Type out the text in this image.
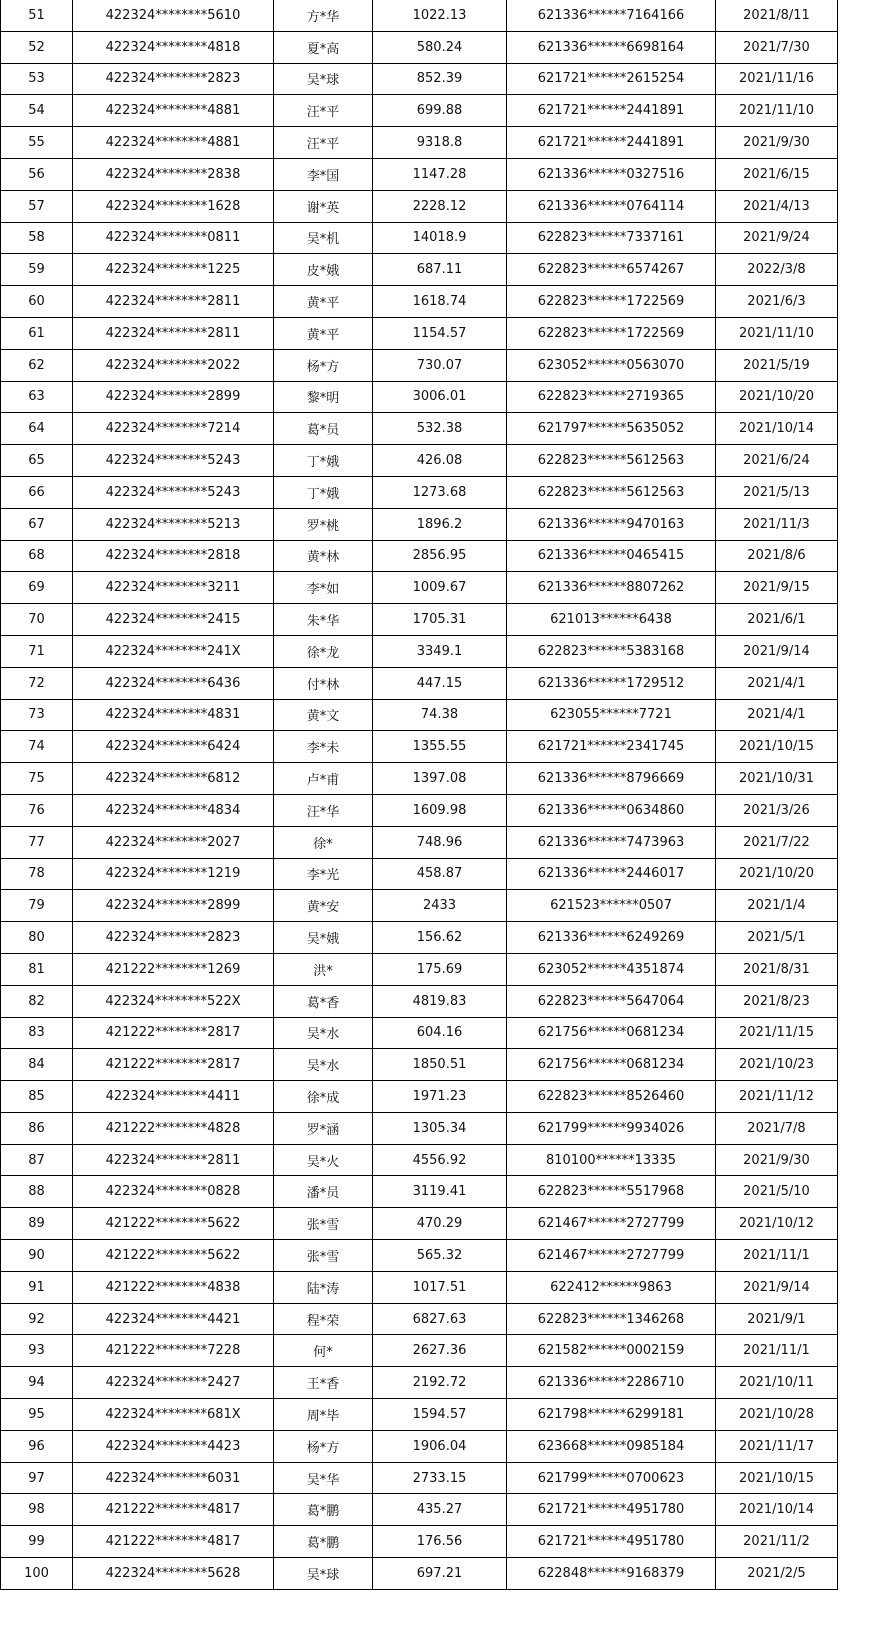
51	422324********5610	方*华	1022.13	621336******7164166	2021/8/11
52	422324********4818	夏*高	580.24	621336******6698164	2021/7/30
53	422324********2823	吴*球	852.39	621721******2615254	2021/11/16
54	422324********4881	汪*平	699.88	621721******2441891	2021/11/10
55	422324********4881	汪*平	9318.8	621721******2441891	2021/9/30
56	422324********2838	李*国	1147.28	621336******0327516	2021/6/15
57	422324********1628	谢*英	2228.12	621336******0764114	2021/4/13
58	422324********0811	吴*机	14018.9	622823******7337161	2021/9/24
59	422324********1225	皮*娥	687.11	622823******6574267	2022/3/8
60	422324********2811	黄*平	1618.74	622823******1722569	2021/6/3
61	422324********2811	黄*平	1154.57	622823******1722569	2021/11/10
62	422324********2022	杨*方	730.07	623052******0563070	2021/5/19
63	422324********2899	黎*明	3006.01	622823******2719365	2021/10/20
64	422324********7214	葛*员	532.38	621797******5635052	2021/10/14
65	422324********5243	丁*娥	426.08	622823******5612563	2021/6/24
66	422324********5243	丁*娥	1273.68	622823******5612563	2021/5/13
67	422324********5213	罗*桃	1896.2	621336******9470163	2021/11/3
68	422324********2818	黄*林	2856.95	621336******0465415	2021/8/6
69	422324********3211	李*如	1009.67	621336******8807262	2021/9/15
70	422324********2415	朱*华	1705.31	621013******6438	2021/6/1
71	422324********241X	徐*龙	3349.1	622823******5383168	2021/9/14
72	422324********6436	付*林	447.15	621336******1729512	2021/4/1
73	422324********4831	黄*文	74.38	623055******7721	2021/4/1
74	422324********6424	李*未	1355.55	621721******2341745	2021/10/15
75	422324********6812	卢*甫	1397.08	621336******8796669	2021/10/31
76	422324********4834	汪*华	1609.98	621336******0634860	2021/3/26
77	422324********2027	徐*	748.96	621336******7473963	2021/7/22
78	422324********1219	李*光	458.87	621336******2446017	2021/10/20
79	422324********2899	黄*安	2433	621523******0507	2021/1/4
80	422324********2823	吴*娥	156.62	621336******6249269	2021/5/1
81	421222********1269	洪*	175.69	623052******4351874	2021/8/31
82	422324********522X	葛*香	4819.83	622823******5647064	2021/8/23
83	421222********2817	吴*水	604.16	621756******0681234	2021/11/15
84	421222********2817	吴*水	1850.51	621756******0681234	2021/10/23
85	422324********4411	徐*成	1971.23	622823******8526460	2021/11/12
86	421222********4828	罗*涵	1305.34	621799******9934026	2021/7/8
87	422324********2811	吴*火	4556.92	810100******13335	2021/9/30
88	422324********0828	潘*员	3119.41	622823******5517968	2021/5/10
89	421222********5622	张*雪	470.29	621467******2727799	2021/10/12
90	421222********5622	张*雪	565.32	621467******2727799	2021/11/1
91	421222********4838	陆*涛	1017.51	622412******9863	2021/9/14
92	422324********4421	程*荣	6827.63	622823******1346268	2021/9/1
93	421222********7228	何*	2627.36	621582******0002159	2021/11/1
94	422324********2427	王*香	2192.72	621336******2286710	2021/10/11
95	422324********681X	周*毕	1594.57	621798******6299181	2021/10/28
96	422324********4423	杨*方	1906.04	623668******0985184	2021/11/17
97	422324********6031	吴*华	2733.15	621799******0700623	2021/10/15
98	421222********4817	葛*鹏	435.27	621721******4951780	2021/10/14
99	421222********4817	葛*鹏	176.56	621721******4951780	2021/11/2
100	422324********5628	吴*球	697.21	622848******9168379	2021/2/5
